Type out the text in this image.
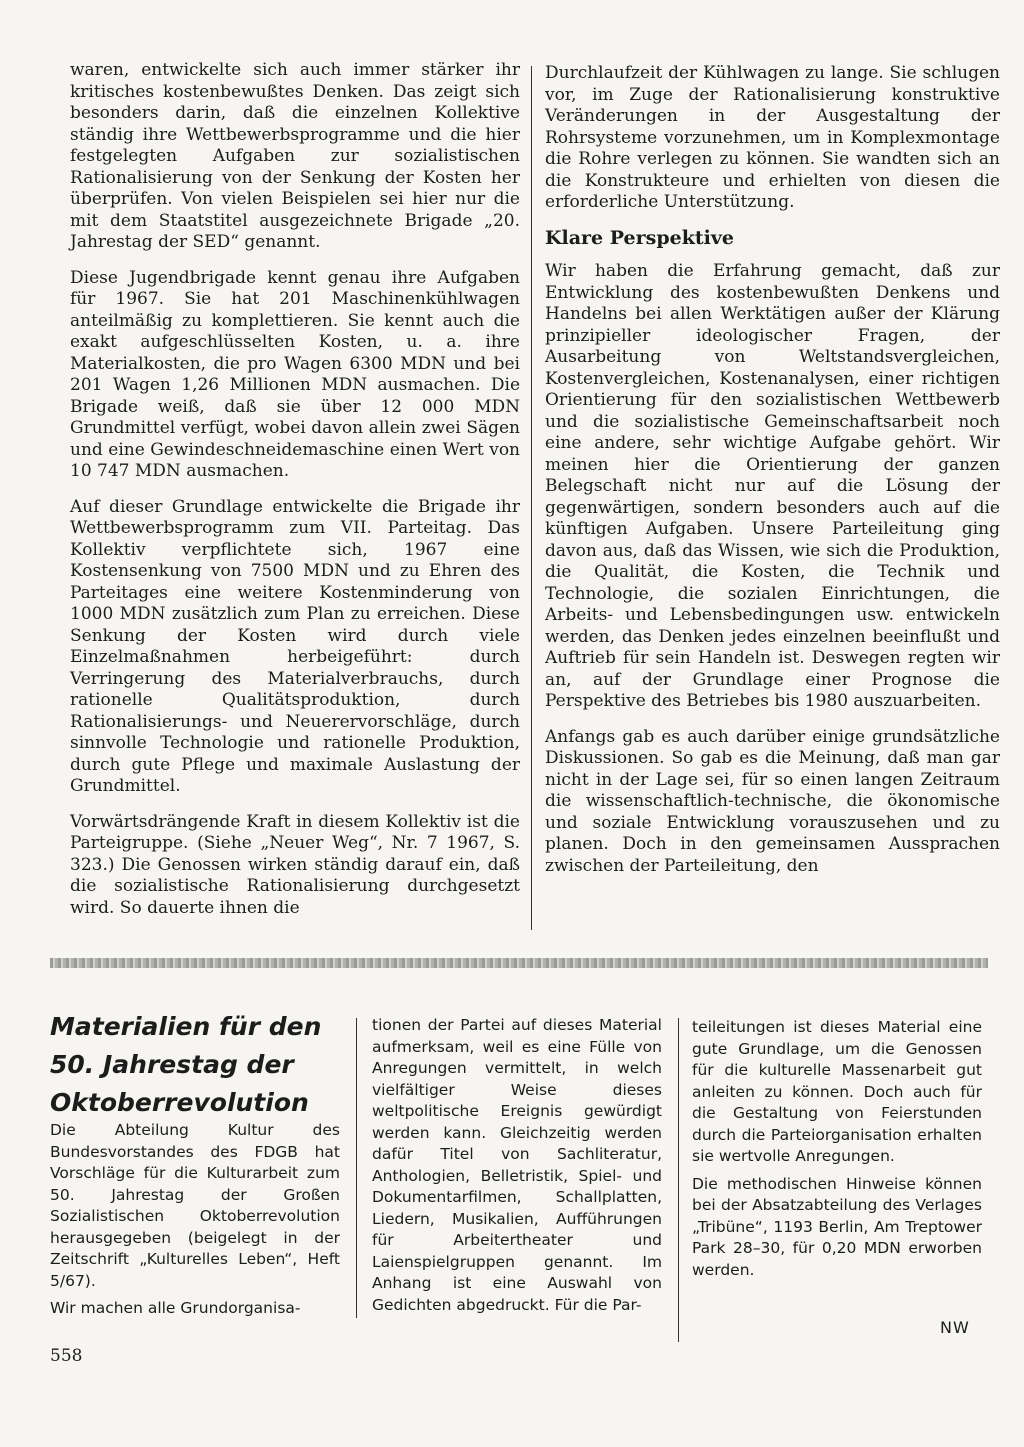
waren, entwickelte sich auch immer stärker ihr kritisches kostenbewußtes Denken. Das zeigt sich besonders darin, daß die einzelnen Kollektive ständig ihre Wettbewerbsprogramme und die hier festgelegten Aufgaben zur sozialistischen Rationalisierung von der Senkung der Kosten her überprüfen. Von vielen Beispielen sei hier nur die mit dem Staatstitel ausgezeichnete Brigade „20. Jahrestag der SED“ genannt.

Diese Jugendbrigade kennt genau ihre Aufgaben für 1967. Sie hat 201 Maschinenkühlwagen anteilmäßig zu komplettieren. Sie kennt auch die exakt aufgeschlüsselten Kosten, u. a. ihre Materialkosten, die pro Wagen 6300 MDN und bei 201 Wagen 1,26 Millionen MDN ausmachen. Die Brigade weiß, daß sie über 12 000 MDN Grundmittel verfügt, wobei davon allein zwei Sägen und eine Gewindeschneidemaschine einen Wert von 10 747 MDN ausmachen.

Auf dieser Grundlage entwickelte die Brigade ihr Wettbewerbsprogramm zum VII. Parteitag. Das Kollektiv verpflichtete sich, 1967 eine Kostensenkung von 7500 MDN und zu Ehren des Parteitages eine weitere Kostenminderung von 1000 MDN zusätzlich zum Plan zu erreichen. Diese Senkung der Kosten wird durch viele Einzelmaßnahmen herbeigeführt: durch Verringerung des Materialverbrauchs, durch rationelle Qualitätsproduktion, durch Rationalisierungs- und Neuerervorschläge, durch sinnvolle Technologie und rationelle Produktion, durch gute Pflege und maximale Auslastung der Grundmittel.

Vorwärtsdrängende Kraft in diesem Kollektiv ist die Parteigruppe. (Siehe „Neuer Weg“, Nr. 7 1967, S. 323.) Die Genossen wirken ständig darauf ein, daß die sozialistische Rationalisierung durchgesetzt wird. So dauerte ihnen die

Durchlaufzeit der Kühlwagen zu lange. Sie schlugen vor, im Zuge der Rationalisierung konstruktive Veränderungen in der Ausgestaltung der Rohrsysteme vorzunehmen, um in Komplexmontage die Rohre verlegen zu können. Sie wandten sich an die Konstrukteure und erhielten von diesen die erforderliche Unterstützung.

Klare Perspektive

Wir haben die Erfahrung gemacht, daß zur Entwicklung des kostenbewußten Denkens und Handelns bei allen Werktätigen außer der Klärung prinzipieller ideologischer Fragen, der Ausarbeitung von Weltstandsvergleichen, Kostenvergleichen, Kostenanalysen, einer richtigen Orientierung für den sozialistischen Wettbewerb und die sozialistische Gemeinschaftsarbeit noch eine andere, sehr wichtige Aufgabe gehört. Wir meinen hier die Orientierung der ganzen Belegschaft nicht nur auf die Lösung der gegenwärtigen, sondern besonders auch auf die künftigen Aufgaben. Unsere Parteileitung ging davon aus, daß das Wissen, wie sich die Produktion, die Qualität, die Kosten, die Technik und Technologie, die sozialen Einrichtungen, die Arbeits- und Lebensbedingungen usw. entwickeln werden, das Denken jedes einzelnen beeinflußt und Auftrieb für sein Handeln ist. Deswegen regten wir an, auf der Grundlage einer Prognose die Perspektive des Betriebes bis 1980 auszuarbeiten.

Anfangs gab es auch darüber einige grundsätzliche Diskussionen. So gab es die Meinung, daß man gar nicht in der Lage sei, für so einen langen Zeitraum die wissenschaftlich-technische, die ökonomische und soziale Entwicklung vorauszusehen und zu planen. Doch in den gemeinsamen Aussprachen zwischen der Parteileitung, den

Materialien für den 50. Jahrestag der Oktoberrevolution

Die Abteilung Kultur des Bundesvorstandes des FDGB hat Vorschläge für die Kulturarbeit zum 50. Jahrestag der Großen Sozialistischen Oktoberrevolution herausgegeben (beigelegt in der Zeitschrift „Kulturelles Leben“, Heft 5/67).

Wir machen alle Grundorganisa-

tionen der Partei auf dieses Material aufmerksam, weil es eine Fülle von Anregungen vermittelt, in welch vielfältiger Weise dieses weltpolitische Ereignis gewürdigt werden kann. Gleichzeitig werden dafür Titel von Sachliteratur, Anthologien, Belletristik, Spiel- und Dokumentarfilmen, Schallplatten, Liedern, Musikalien, Aufführungen für Arbeitertheater und Laienspielgruppen genannt. Im Anhang ist eine Auswahl von Gedichten abgedruckt. Für die Par-

teileitungen ist dieses Material eine gute Grundlage, um die Genossen für die kulturelle Massenarbeit gut anleiten zu können. Doch auch für die Gestaltung von Feierstunden durch die Parteiorganisation erhalten sie wertvolle Anregungen.

Die methodischen Hinweise können bei der Absatzabteilung des Verlages „Tribüne“, 1193 Berlin, Am Treptower Park 28–30, für 0,20 MDN erworben werden.

NW
558
